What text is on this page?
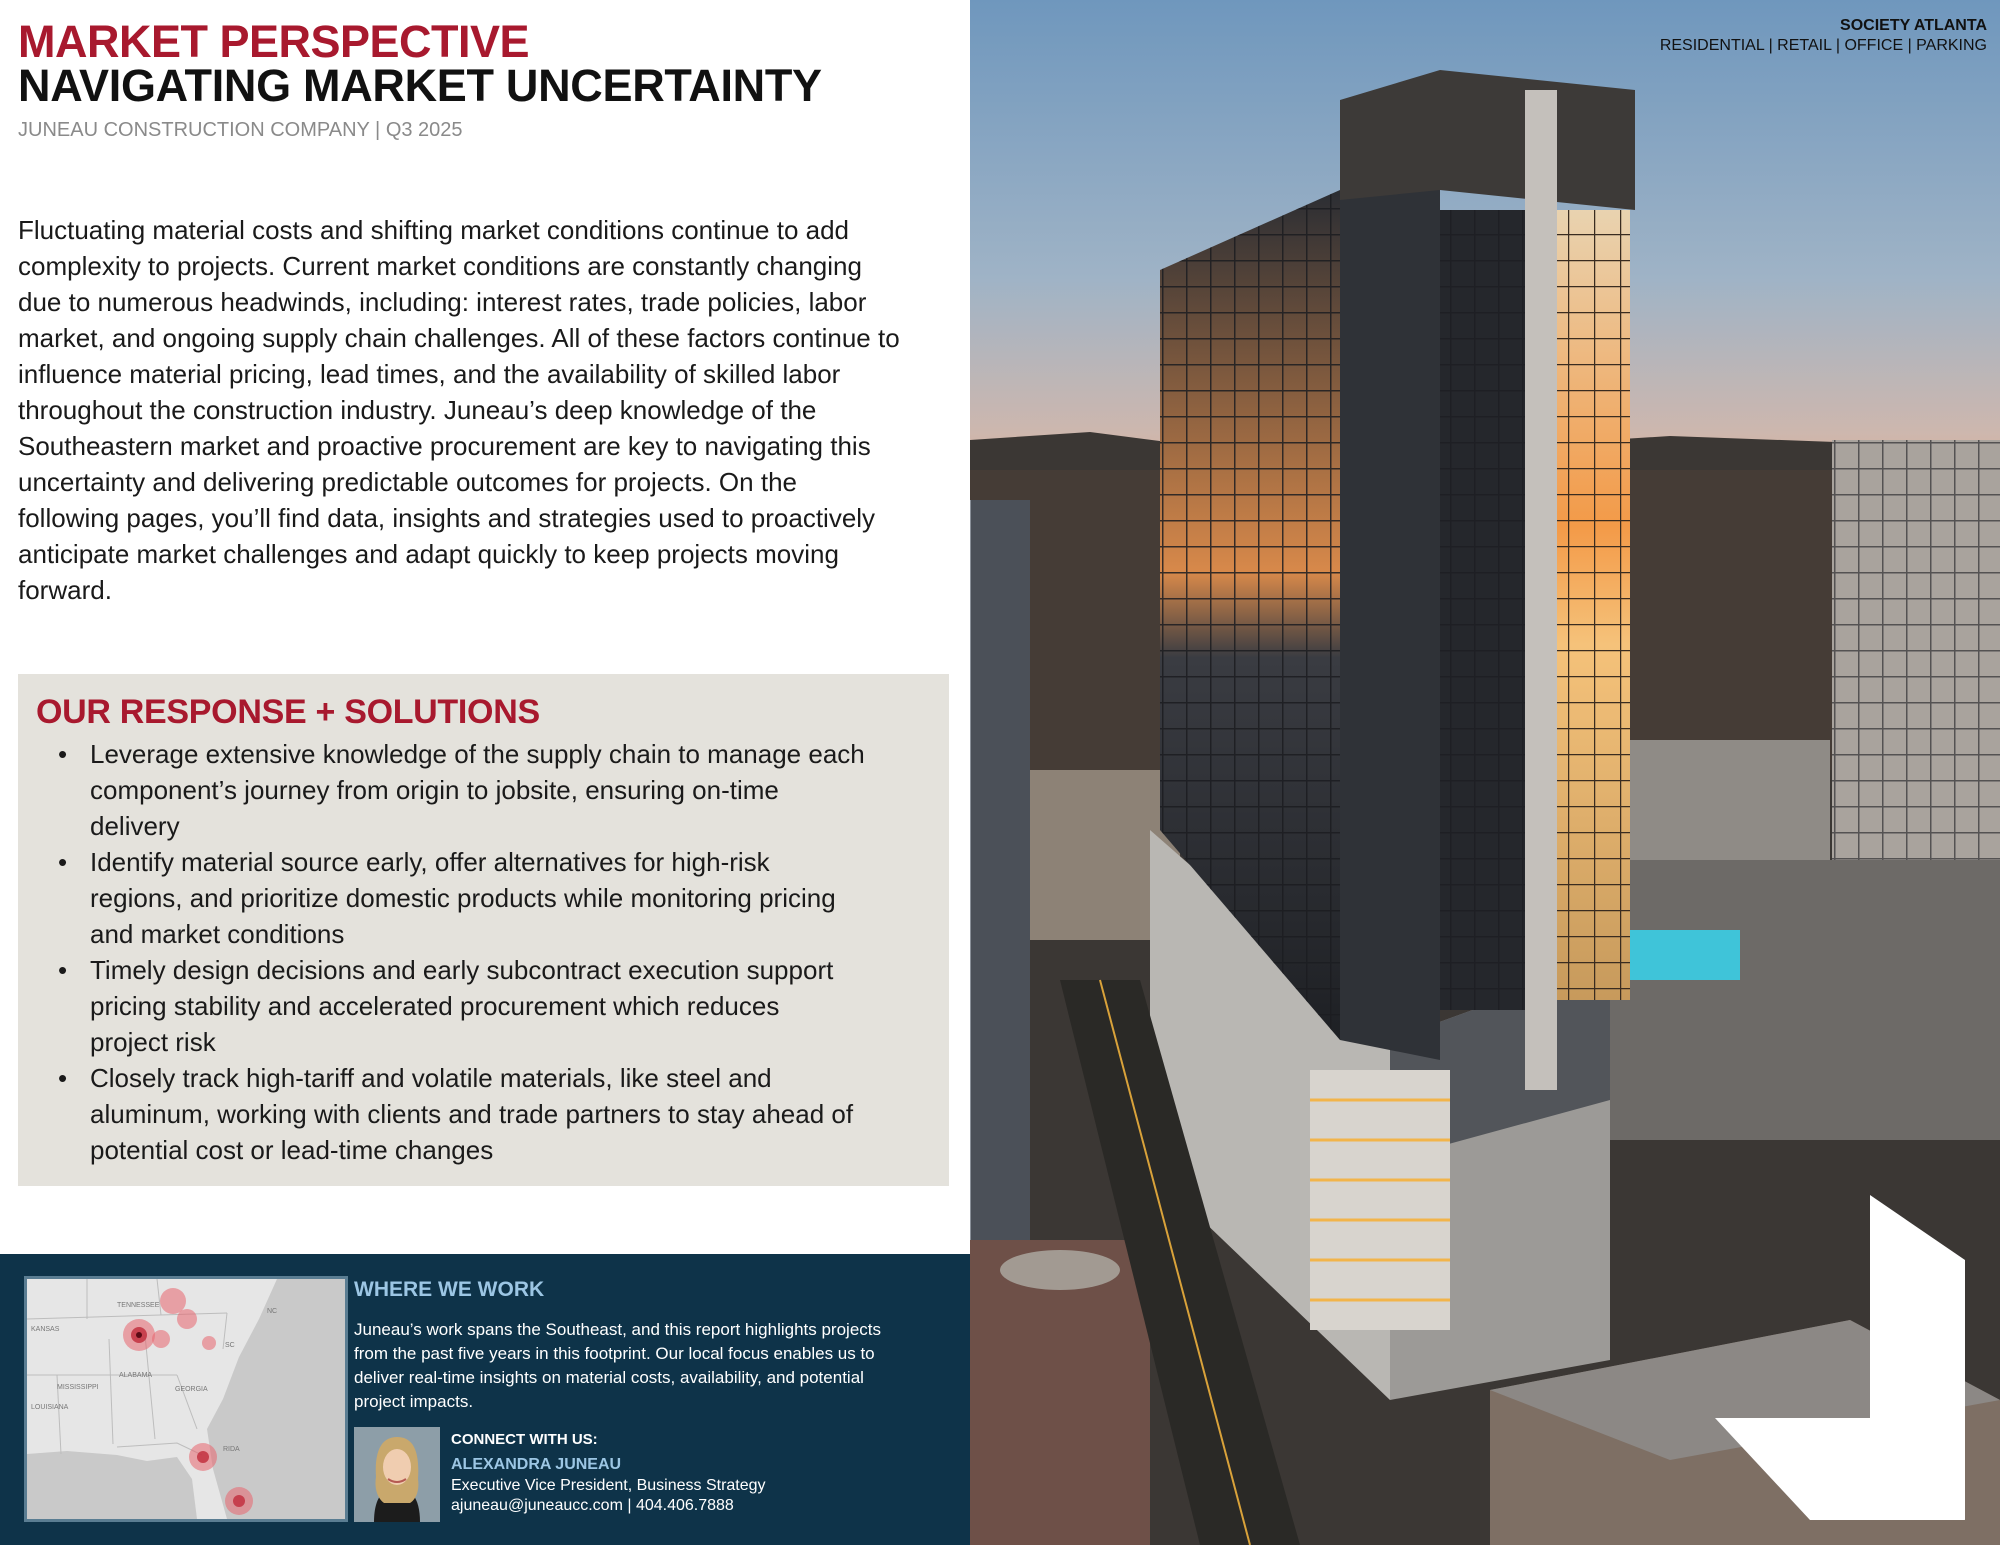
MARKET PERSPECTIVE
NAVIGATING MARKET UNCERTAINTY
JUNEAU CONSTRUCTION COMPANY | Q3 2025
Fluctuating material costs and shifting market conditions continue to add
complexity to projects. Current market conditions are constantly changing
due to numerous headwinds, including: interest rates, trade policies, labor
market, and ongoing supply chain challenges. All of these factors continue to
influence material pricing, lead times, and the availability of skilled labor
throughout the construction industry. Juneau’s deep knowledge of the
Southeastern market and proactive procurement are key to navigating this
uncertainty and delivering predictable outcomes for projects. On the
following pages, you’ll find data, insights and strategies used to proactively
anticipate market challenges and adapt quickly to keep projects moving
forward.
OUR RESPONSE + SOLUTIONS
• Leverage extensive knowledge of the supply chain to manage each
component’s journey from origin to jobsite, ensuring on-time
delivery
• Identify material source early, offer alternatives for high-risk
regions, and prioritize domestic products while monitoring pricing
and market conditions
• Timely design decisions and early subcontract execution support
pricing stability and accelerated procurement which reduces
project risk
• Closely track high-tariff and volatile materials, like steel and
aluminum, working with clients and trade partners to stay ahead of
potential cost or lead-time changes
TENNESSEE
KANSAS
NC
SC
ALABAMA
GEORGIA
MISSISSIPPI
LOUISIANA
RIDA
WHERE WE WORK
Juneau’s work spans the Southeast, and this report highlights projects
from the past five years in this footprint. Our local focus enables us to
deliver real-time insights on material costs, availability, and potential
project impacts.
CONNECT WITH US:
ALEXANDRA JUNEAU
Executive Vice President, Business Strategy
ajuneau@juneaucc.com | 404.406.7888
SOCIETY ATLANTA
RESIDENTIAL | RETAIL | OFFICE | PARKING
